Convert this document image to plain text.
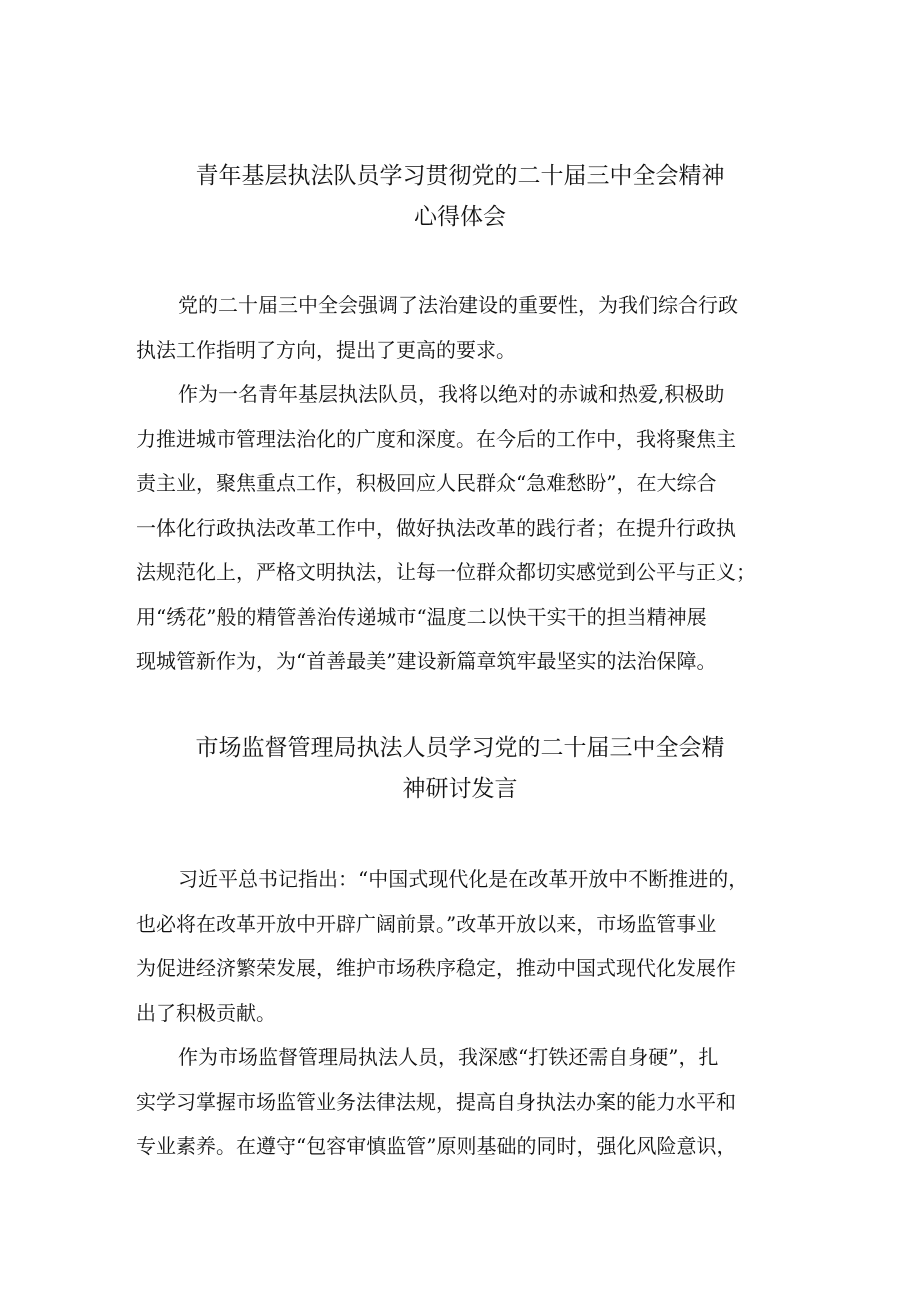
青年基层执法队员学习贯彻党的二十届三中全会精神
心得体会

党的二十届三中全会强调了法治建设的重要性，为我们综合行政
执法工作指明了方向，提出了更高的要求。

作为一名青年基层执法队员，我将以绝对的赤诚和热爱,积极助
力推进城市管理法治化的广度和深度。在今后的工作中，我将聚焦主
责主业，聚焦重点工作，积极回应人民群众“急难愁盼”，在大综合
一体化行政执法改革工作中，做好执法改革的践行者；在提升行政执
法规范化上，严格文明执法，让每一位群众都切实感觉到公平与正义；
用“绣花”般的精管善治传递城市“温度二以快干实干的担当精神展
现城管新作为，为“首善最美”建设新篇章筑牢最坚实的法治保障。

市场监督管理局执法人员学习党的二十届三中全会精
神研讨发言

习近平总书记指出：“中国式现代化是在改革开放中不断推进的，
也必将在改革开放中开辟广阔前景。”改革开放以来，市场监管事业
为促进经济繁荣发展，维护市场秩序稳定，推动中国式现代化发展作
出了积极贡献。

作为市场监督管理局执法人员，我深感“打铁还需自身硬”，扎
实学习掌握市场监管业务法律法规，提高自身执法办案的能力水平和
专业素养。在遵守“包容审慎监管”原则基础的同时，强化风险意识，
